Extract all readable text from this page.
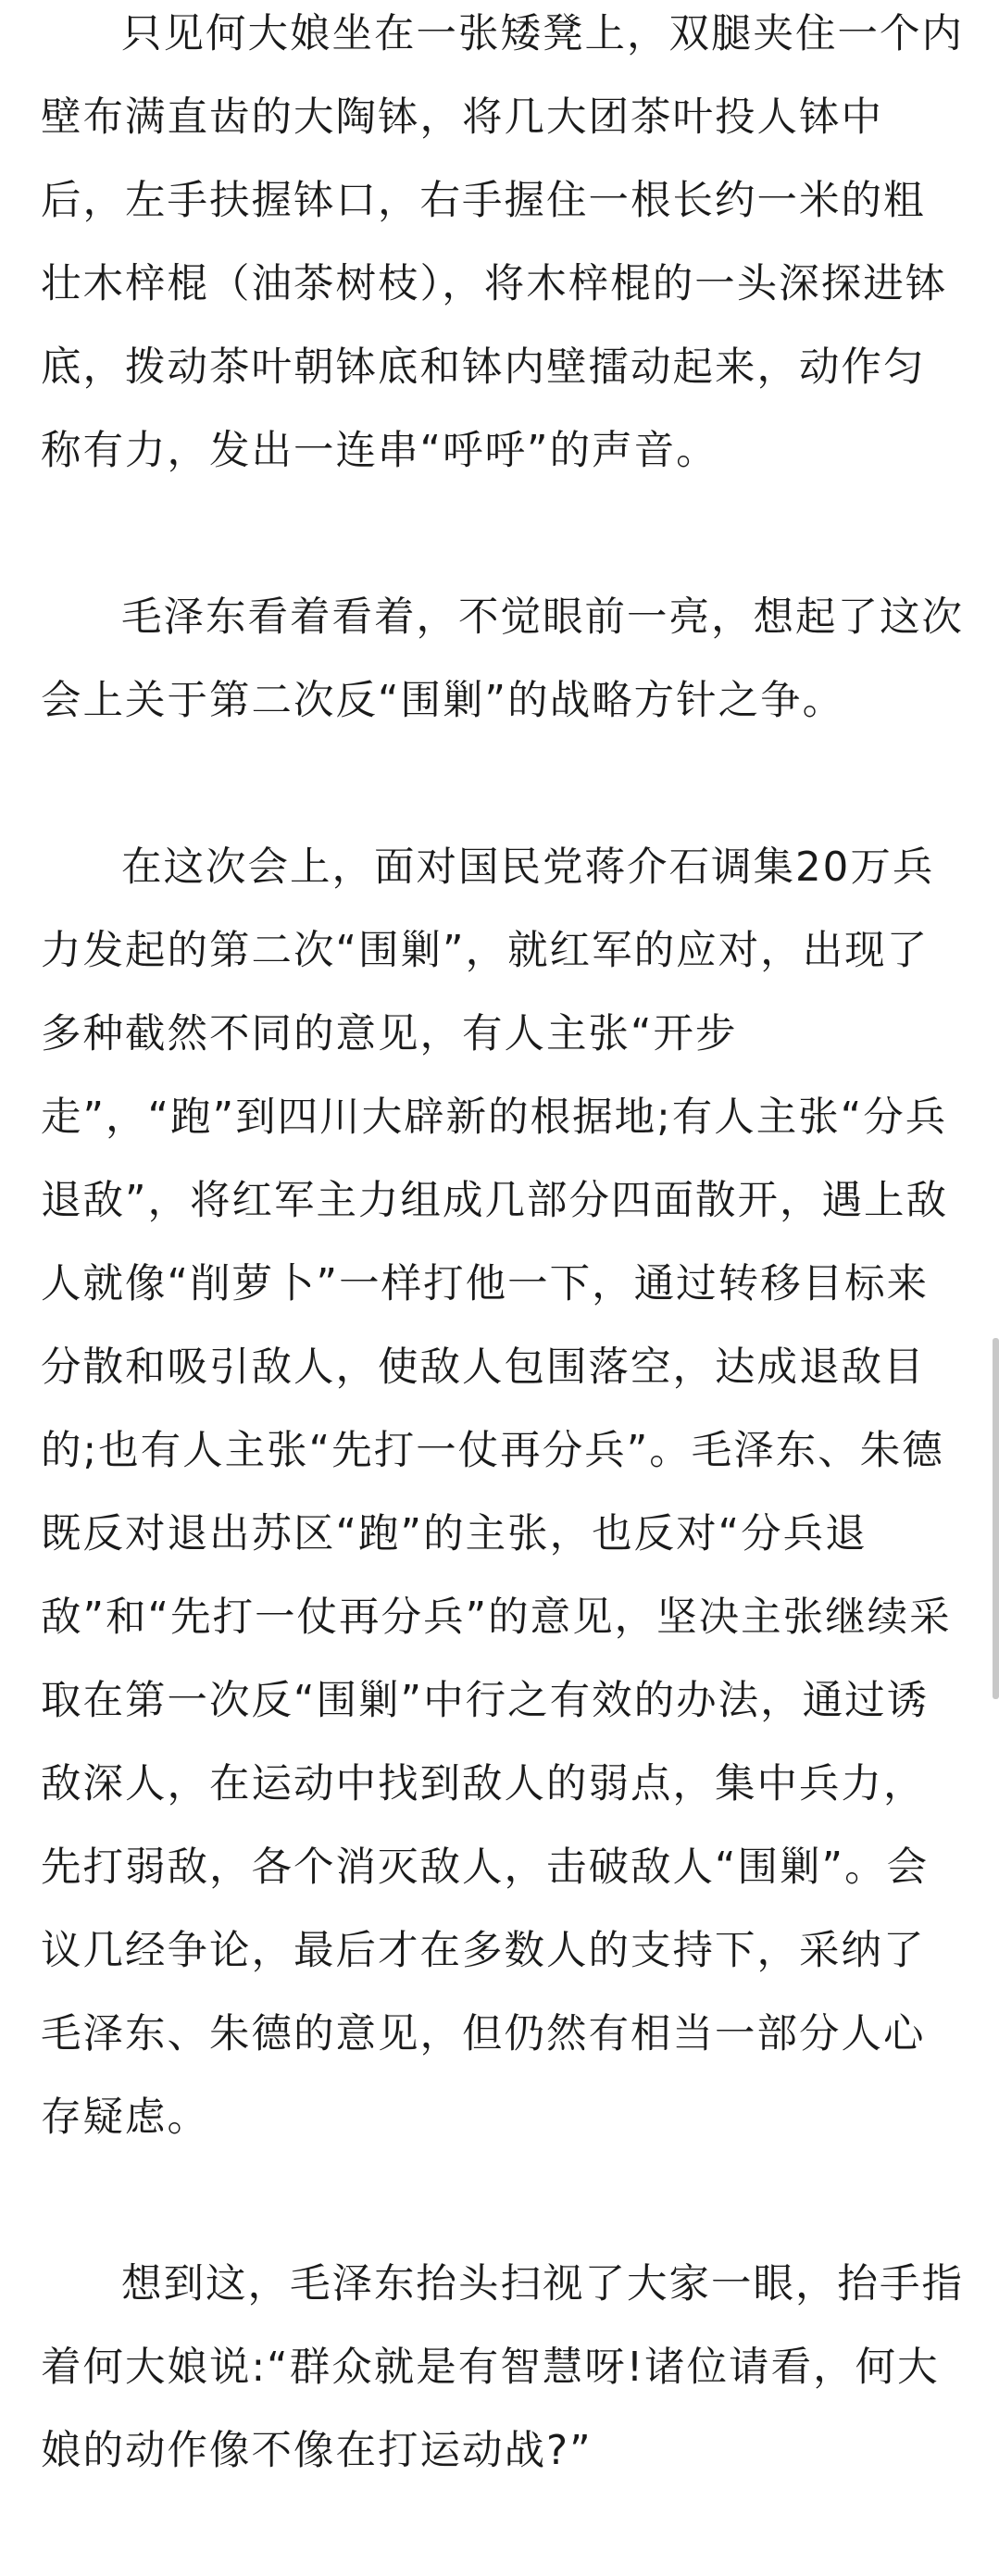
只见何大娘坐在一张矮凳上，双腿夹住一个内壁布满直齿的大陶钵，将几大团茶叶投人钵中后，左手扶握钵口，右手握住一根长约一米的粗壮木梓棍（油茶树枝），将木梓棍的一头深探进钵底，拨动茶叶朝钵底和钵内壁擂动起来，动作匀称有力，发出一连串“呼呼”的声音。

毛泽东看着看着，不觉眼前一亮，想起了这次会上关于第二次反“围剿”的战略方针之争。

在这次会上，面对国民党蒋介石调集20万兵力发起的第二次“围剿”，就红军的应对，出现了多种截然不同的意见，有人主张“开步走”，“跑”到四川大辟新的根据地;有人主张“分兵退敌”，将红军主力组成几部分四面散开，遇上敌人就像“削萝卜”一样打他一下，通过转移目标来分散和吸引敌人，使敌人包围落空，达成退敌目的;也有人主张“先打一仗再分兵”。毛泽东、朱德既反对退出苏区“跑”的主张，也反对“分兵退敌”和“先打一仗再分兵”的意见，坚决主张继续采取在第一次反“围剿”中行之有效的办法，通过诱敌深人，在运动中找到敌人的弱点，集中兵力，先打弱敌，各个消灭敌人，击破敌人“围剿”。会议几经争论，最后才在多数人的支持下，采纳了毛泽东、朱德的意见，但仍然有相当一部分人心存疑虑。

想到这，毛泽东抬头扫视了大家一眼，抬手指着何大娘说:“群众就是有智慧呀!诸位请看，何大娘的动作像不像在打运动战?”
